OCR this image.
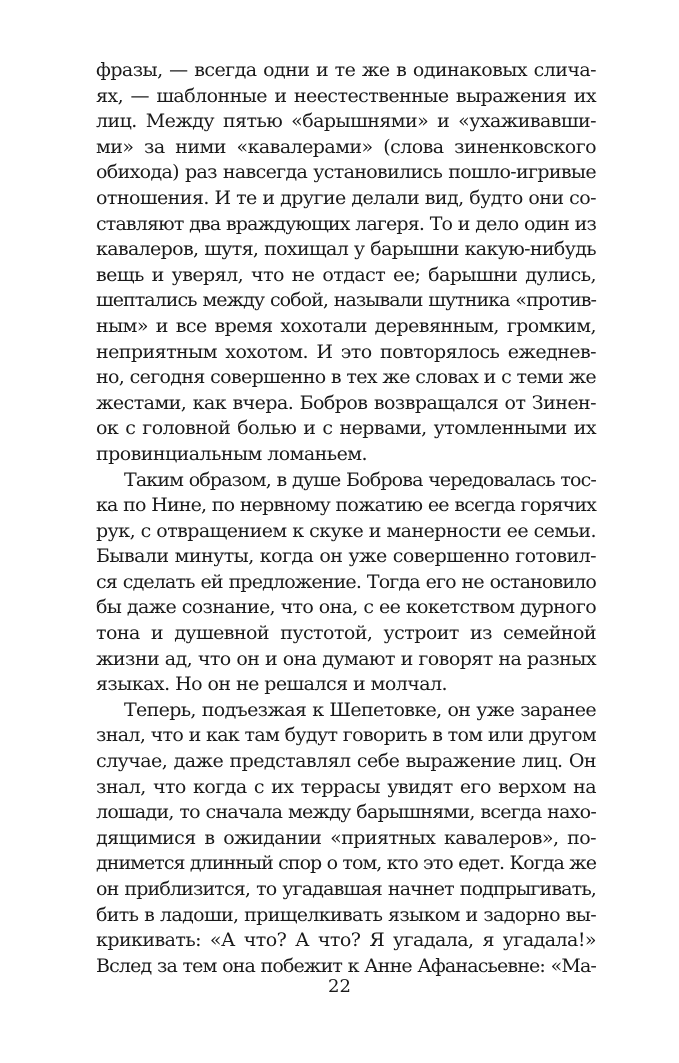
фразы, — всегда одни и те же в одинаковых слича-
ях, — шаблонные и неестественные выражения их
лиц. Между пятью «барышнями» и «ухаживавши-
ми» за ними «кавалерами» (слова зиненковского
обихода) раз навсегда установились пошло-игривые
отношения. И те и другие делали вид, будто они со-
ставляют два враждующих лагеря. То и дело один из
кавалеров, шутя, похищал у барышни какую-нибудь
вещь и уверял, что не отдаст ее; барышни дулись,
шептались между собой, называли шутника «против-
ным» и все время хохотали деревянным, громким,
неприятным хохотом. И это повторялось ежеднев-
но, сегодня совершенно в тех же словах и с теми же
жестами, как вчера. Бобров возвращался от Зинен-
ок с головной болью и с нервами, утомленными их
провинциальным ломаньем.
Таким образом, в душе Боброва чередовалась тос-
ка по Нине, по нервному пожатию ее всегда горячих
рук, с отвращением к скуке и манерности ее семьи.
Бывали минуты, когда он уже совершенно готовил-
ся сделать ей предложение. Тогда его не остановило
бы даже сознание, что она, с ее кокетством дурного
тона и душевной пустотой, устроит из семейной
жизни ад, что он и она думают и говорят на разных
языках. Но он не решался и молчал.
Теперь, подъезжая к Шепетовке, он уже заранее
знал, что и как там будут говорить в том или другом
случае, даже представлял себе выражение лиц. Он
знал, что когда с их террасы увидят его верхом на
лошади, то сначала между барышнями, всегда нахо-
дящимися в ожидании «приятных кавалеров», по-
днимется длинный спор о том, кто это едет. Когда же
он приблизится, то угадавшая начнет подпрыгивать,
бить в ладоши, прищелкивать языком и задорно вы-
крикивать: «А что? А что? Я угадала, я угадала!»
Вслед за тем она побежит к Анне Афанасьевне: «Ма-
22
